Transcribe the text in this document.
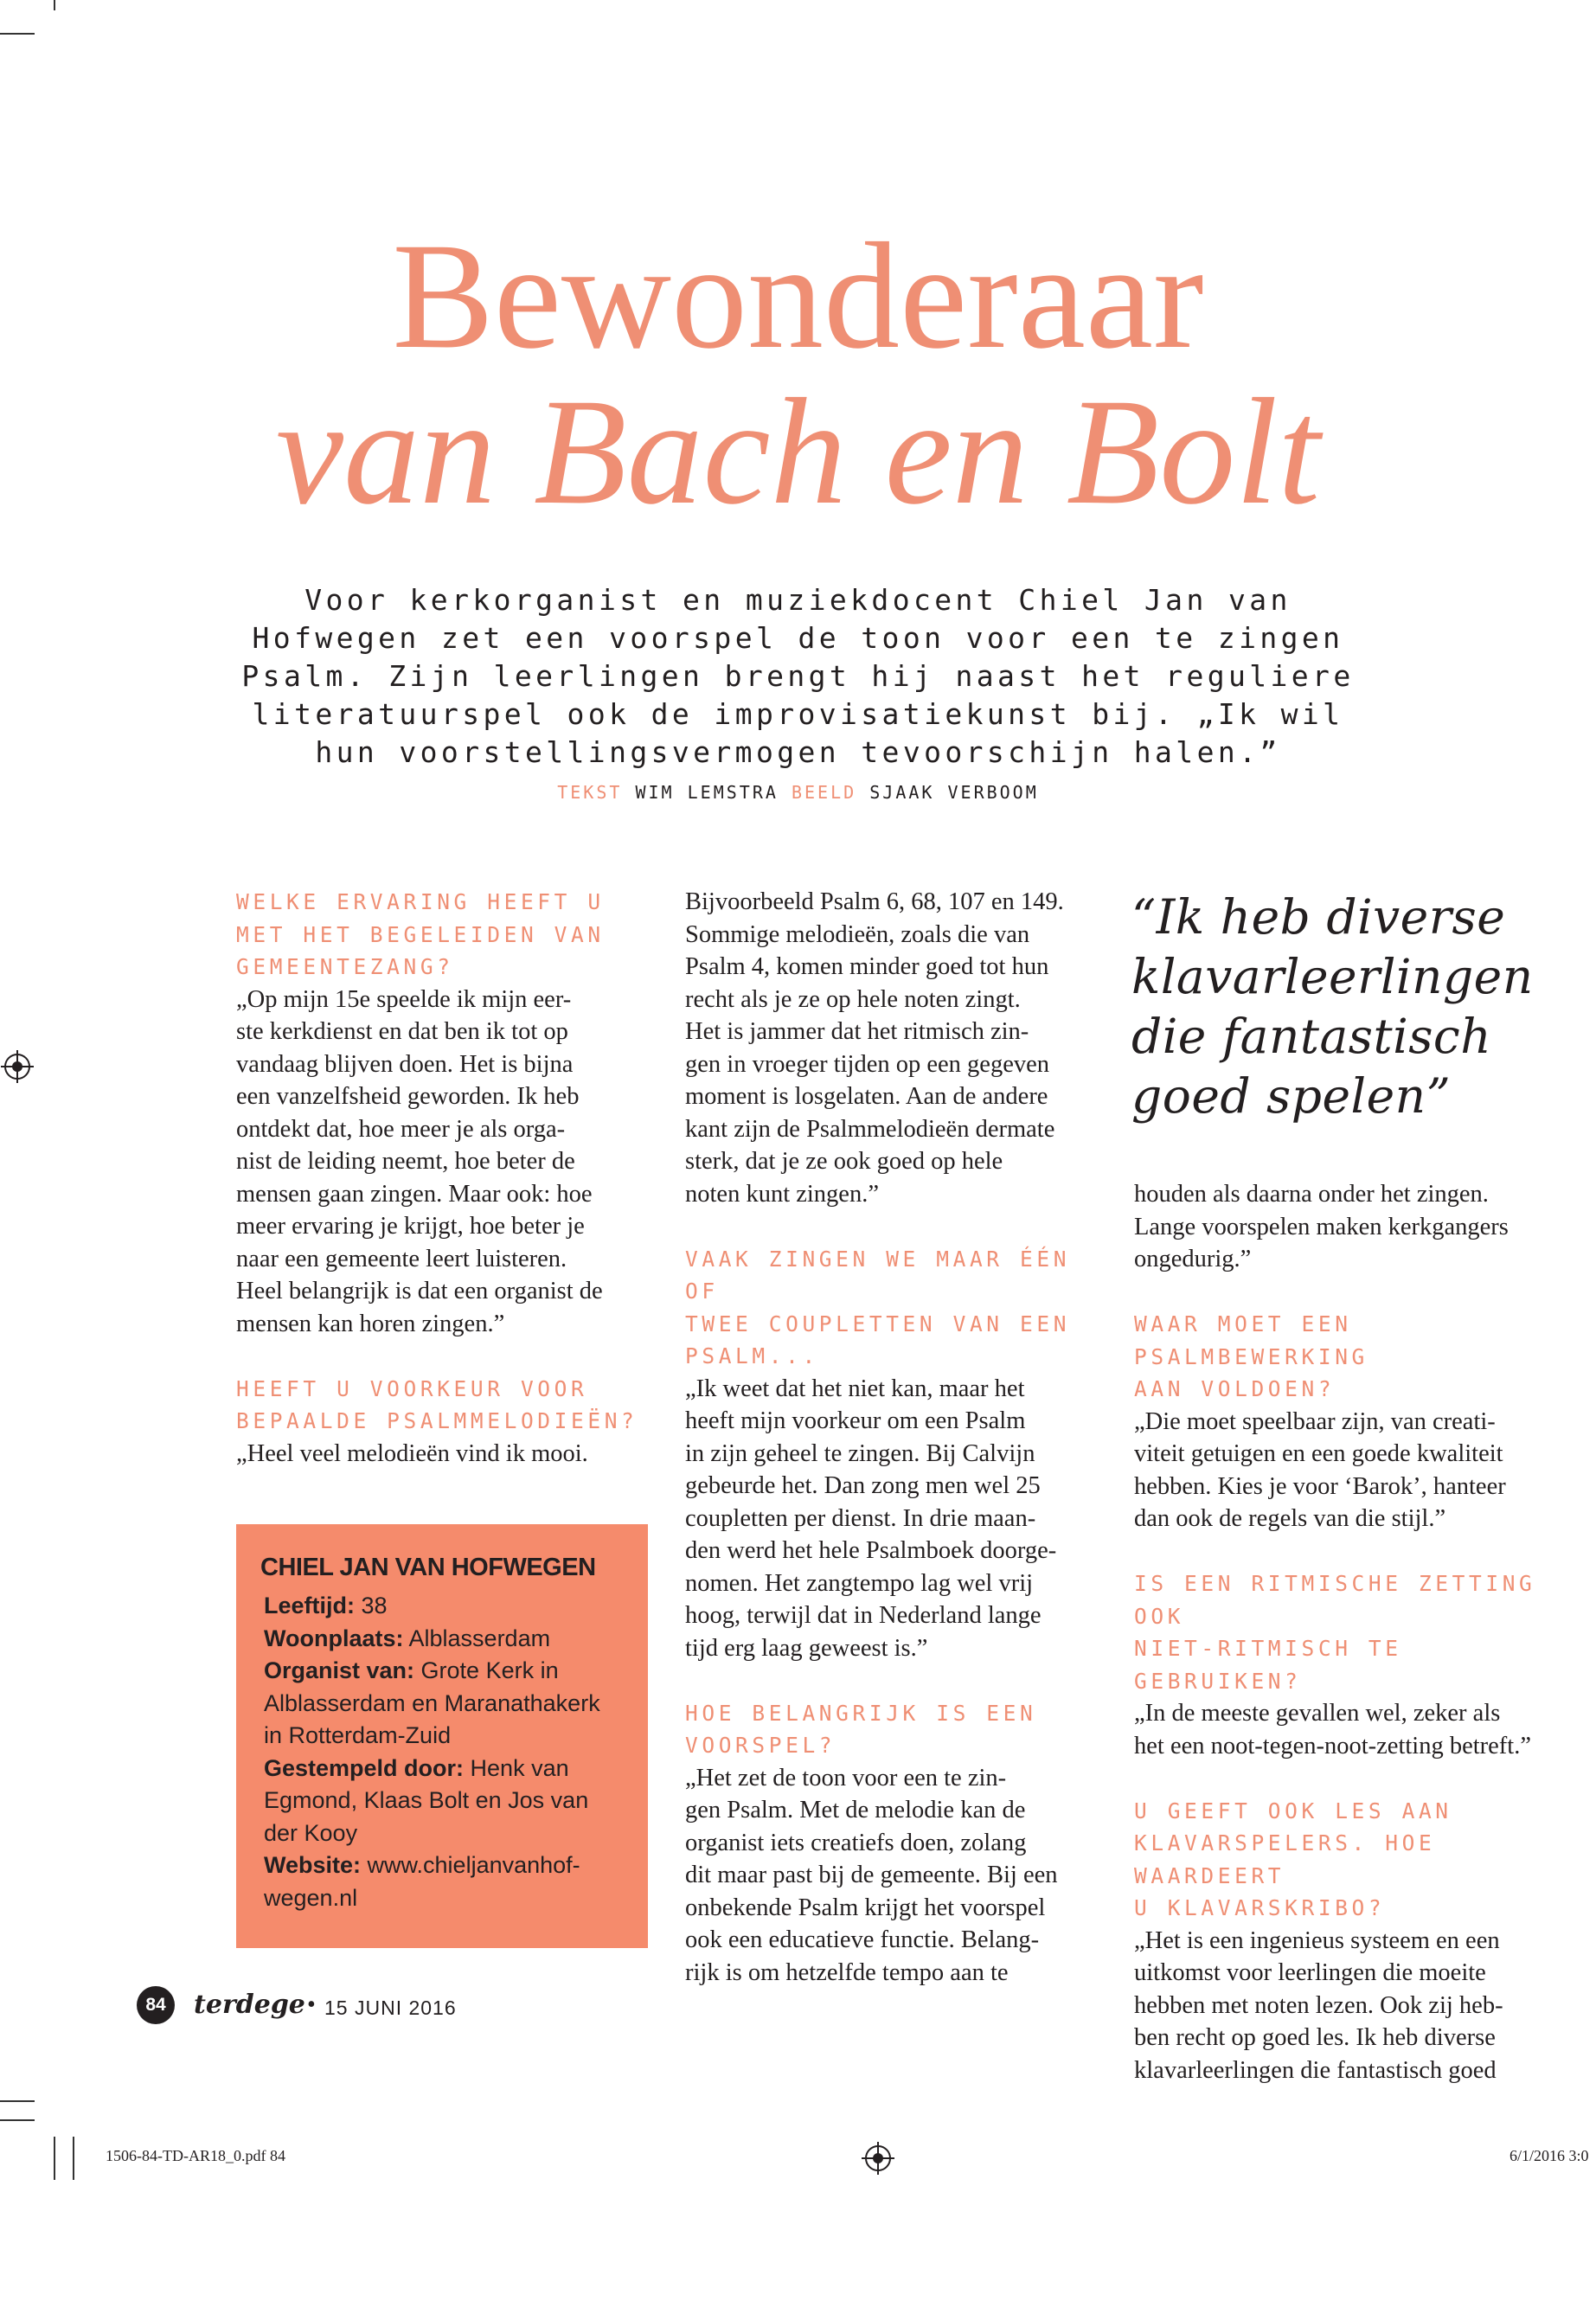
Bewonderaar
van Bach en Bolt
Voor kerkorganist en muziekdocent Chiel Jan van Hofwegen zet een voorspel de toon voor een te zingen Psalm. Zijn leerlingen brengt hij naast het reguliere literatuurspel ook de improvisatiekunst bij. „Ik wil hun voorstellingsvermogen tevoorschijn halen.”
TEKST WIM LEMSTRA BEELD SJAAK VERBOOM
WELKE ERVARING HEEFT U
MET HET BEGELEIDEN VAN
GEMEENTEZANG?
„Op mijn 15e speelde ik mijn eer-
ste kerkdienst en dat ben ik tot op
vandaag blijven doen. Het is bijna
een vanzelfsheid geworden. Ik heb
ontdekt dat, hoe meer je als orga-
nist de leiding neemt, hoe beter de
mensen gaan zingen. Maar ook: hoe
meer ervaring je krijgt, hoe beter je
naar een gemeente leert luisteren.
Heel belangrijk is dat een organist de
mensen kan horen zingen.”
HEEFT U VOORKEUR VOOR
BEPAALDE PSALMMELODIEËN?
„Heel veel melodieën vind ik mooi.
CHIEL JAN VAN HOFWEGEN
Leeftijd: 38
Woonplaats: Alblasserdam
Organist van: Grote Kerk in
Alblasserdam en Maranathakerk
in Rotterdam-Zuid
Gestempeld door: Henk van
Egmond, Klaas Bolt en Jos van
der Kooy
Website: www.chieljanvanhof-
wegen.nl
Bijvoorbeeld Psalm 6, 68, 107 en 149.
Sommige melodieën, zoals die van
Psalm 4, komen minder goed tot hun
recht als je ze op hele noten zingt.
Het is jammer dat het ritmisch zin-
gen in vroeger tijden op een gegeven
moment is losgelaten. Aan de andere
kant zijn de Psalmmelodieën dermate
sterk, dat je ze ook goed op hele
noten kunt zingen.”
VAAK ZINGEN WE MAAR ÉÉN OF
TWEE COUPLETTEN VAN EEN
PSALM...
„Ik weet dat het niet kan, maar het
heeft mijn voorkeur om een Psalm
in zijn geheel te zingen. Bij Calvijn
gebeurde het. Dan zong men wel 25
coupletten per dienst. In drie maan-
den werd het hele Psalmboek doorge-
nomen. Het zangtempo lag wel vrij
hoog, terwijl dat in Nederland lange
tijd erg laag geweest is.”
HOE BELANGRIJK IS EEN
VOORSPEL?
„Het zet de toon voor een te zin-
gen Psalm. Met de melodie kan de
organist iets creatiefs doen, zolang
dit maar past bij de gemeente. Bij een
onbekende Psalm krijgt het voorspel
ook een educatieve functie. Belang-
rijk is om hetzelfde tempo aan te
“Ik heb diverse
klavarleerlingen
die fantastisch
goed spelen”
houden als daarna onder het zingen.
Lange voorspelen maken kerkgangers
ongedurig.”
WAAR MOET EEN PSALMBEWERKING
AAN VOLDOEN?
„Die moet speelbaar zijn, van creati-
viteit getuigen en een goede kwaliteit
hebben. Kies je voor ‘Barok’, hanteer
dan ook de regels van die stijl.”
IS EEN RITMISCHE ZETTING OOK
NIET-RITMISCH TE GEBRUIKEN?
„In de meeste gevallen wel, zeker als
het een noot-tegen-noot-zetting betreft.”
U GEEFT OOK LES AAN
KLAVARSPELERS. HOE WAARDEERT
U KLAVARSKRIBO?
„Het is een ingenieus systeem en een
uitkomst voor leerlingen die moeite
hebben met noten lezen. Ook zij heb-
ben recht op goed les. Ik heb diverse
klavarleerlingen die fantastisch goed
84	terdege • 15 JUNI 2016
1506-84-TD-AR18_0.pdf 84	6/1/2016 3:0
